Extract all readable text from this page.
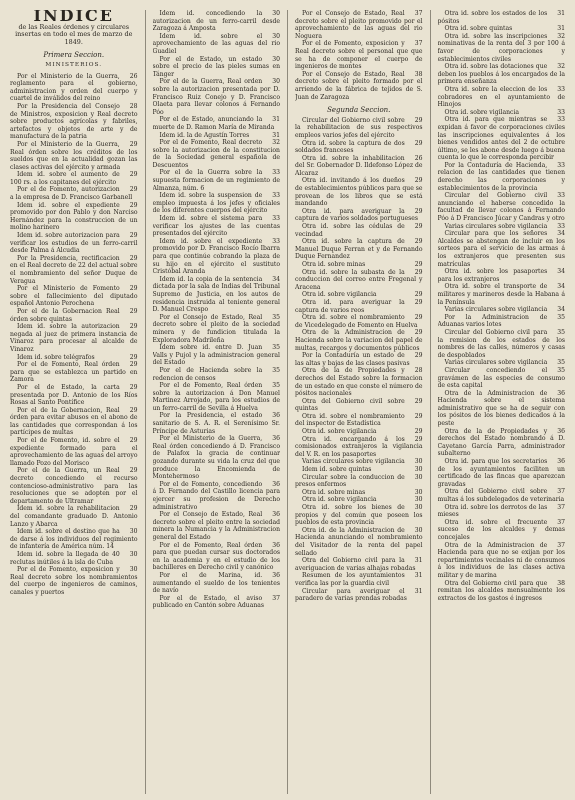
INDICE
de las Reales órdenes y circulares insertas en todo el mes de marzo de 1849.
Primera Seccion.
MINISTERIOS.

26
Por el Ministerio de la Guerra, reglamento para el gobierno, administracion y orden del cuerpo y cuartel de inválidos del reino

28
Por la Presidencia del Consejo de Ministros, exposicion y Real decreto sobre productos agrícolas y fabriles, artefactos y objetos de arte y de manufactura de la patria

29
Por el Ministerio de la Guerra, Real órden sobre los créditos de los sueldos que en la actualidad gozan las clases activas del ejército y armada

29
Idem id. sobre el aumento de 100 rs. a los capitanes del ejército

29
Por el de Fomento, autorizacion a la empresa de D. Francisco Garbanell

29
Idem id. sobre el expediente promovido por don Pablo y don Narciso Hernández para la construccion de un molino harinero

29
Idem id. sobre autorizacion para verificar los estudios de un ferro-carril desde Palma á Alcudia

29
Por la Presidencia, rectificacion en el Real decreto de 22 del actual sobre el nombramiento del señor Duque de Veragua

29
Por el Ministerio de Fomento sobre el fallecimiento del diputado español Antonio Perochena

29
Por el de la Gobernacion Real órden sobre quintas

29
Idem id. sobre la autorizacion negada al juez de primera instancia de Vinaroz para procesar al alcalde de Vinaroz

29
Idem id. sobre telégrafos

29
Por el de Fomento, Real órden para que se establezca un partido en Zamora

29
Por el de Estado, la carta presentada por D. Antonio de los Ríos Rosas al Santo Pontífice

29
Por el de la Gobernacion, Real órden para evitar abusos en el abono de las cantidades que correspondan á los partícipes de multas

29
Por el de Fomento, id. sobre el expediente formado para el aprovechamiento de las aguas del arroyo llamado Pozo del Morisco

29
Por el de la Guerra, un Real decreto concediendo el recurso contencioso-administrativo para las resoluciones que se adopten por el departamento de Ultramar

29
Idem id. sobre la rehabilitacion del comandante graduado D. Antonio Lanzo y Abarca

30
Idem id. sobre el destino que ha de darse á los individuos del regimiento de infantería de América núm. 14

30
Idem id. sobre la llegada de 40 reclutas inútiles á la isla de Cuba

30
Por el de Fomento, exposicion y Real decreto sobre los nombramientos del cuerpo de ingenieros de caminos, canales y puertos

30
Idem id. concediendo la autorizacion de un ferro-carril desde Zaragoza á Amposta

30
Idem id. sobre el aprovechamiento de las aguas del rio Guadiel

30
Por el de Estado, un estado sobre el precio de las pieles sumas en Tánger

30
Por el de la Guerra, Real orden sobre la autorizacion presentada por D. Francisco Ruiz Conejo y D. Francisco Olaeta para llevar colonos á Fernando Póo

31
Por el de Estado, anunciando la muerte de D. Ramon María de Miranda

31
Idem id. la de Agustín Torres

32
Por el de Fomento, Real decreto sobre la autorizacion de la constitucion de la Sociedad general española de Descuentos

33
Por el de la Guerra sobre la supuesta formacion de un regimiento de Almanza, núm. 6

33
Idem id. sobre la suspension de empleo impuesta á los jefes y oficiales de los diferentes cuerpos del ejército

33
Idem id. sobre el sistema para verificar los ajustes de las cuentas presentados del ejército

33
Idem id. sobre el expediente promovido por D. Francisco Rocío Ibarra para que continúe cobrando la plaza de su hijo en el ejército el sustituto Cristóbal Aranda

34
Idem id. la copia de la sentencia dictada por la sala de Indias del Tribunal Supremo de Justicia, en los autos de residencia instruida al teniente general D. Manuel Crespo

35
Por el Consejo de Estado, Real decreto sobre el pleito de la sociedad minera y de fundicion titulada la Exploradora Madrileña

35
Idem sobre id. entre D. Juan Valls y Pujol y la administracion general del Estado

35
Por el de Hacienda sobre la redencion de censos

35
Por el de Fomento, Real órden sobre la autorizacion á Don Manuel Martinez Arrojado, para los estudios de un ferro-carril de Sevilla á Huelva

36
Por la Presidencia, el estado sanitario de S. A. R. el Serenísimo Sr. Príncipe de Asturias

36
Por el Ministerio de la Guerra, Real órden concediendo á D. Francisco de Palafox la gracia de continuar gozando durante su vida la cruz del que produce la Encomienda de Montehermoso

36
Por el de Fomento, concediendo á D. Fernando del Castillo licencia para ejercer su profesion de Derecho administrativo

36
Por el Consejo de Estado, Real decreto sobre el pleito entre la sociedad minera la Numancia y la Administracion general del Estado

36
Por el de Fomento, Real órden para que puedan cursar sus doctorados en la academia y en el estudio de los bachilleres en Derecho civil y canónico

36
Por el de Marina, id. aumentando el sueldo de los tenientes de navío

37
Por el de Estado, el aviso publicado en Cantón sobre Aduanas

37
Por el Consejo de Estado, Real decreto sobre el pleito promovido por el aprovechamiento de las aguas del rio Noguera

37
Por el de Fomento, exposicion y Real decreto sobre el personal que que se ha de componer el cuerpo de ingenieros de montes

38
Por el Consejo de Estado, Real decreto sobre el pleito formado por el arriendo de la fábrica de tejidos de S. Juan de Zaragoza

Segunda Seccion.

29
Circular del Gobierno civil sobre la rehabilitacion de sus respectivos empleos varios jefes del ejército

29
Otra id. sobre la captura de dos soldados franceses

26
Otra id. sobre la inhabilitacion del Sr. Gobernador D. Ildefonso López de Alcaraz

29
Otra id. invitando á los dueños de establecimientos públicos para que se provean de los libros que se está mandando

29
Otra id. para averiguar la captura de varios soldados portugueses

29
Otra id. sobre las cédulas de vecindad

29
Otra id. sobre la captura de Manuel Duque Ferran et y de Fernando Duque Fernandez

29
Otra id. sobre minas

29
Otra id. sobre la subasta de la conduccion del correo entre Fregenal y Aracena

29
Otra id. sobre vigilancia

29
Otra id. para averiguar la captura de varios reos

29
Otra id. sobre el nombramiento de Vicedelegado de Fomento en Huelva

29
Otra de la Administracion de Hacienda sobre la variacion del papel de multas, recargos y documentos públicos

29
Por la Contaduría un estado de las altas y bajas de las clases pasivas

28
Otra de la de Propiedades y derechos del Estado sobre la formacion de un estado en que conste el número de pósitos nacionales

29
Otra del Gobierno civil sobre quintas

29
Otra id. sobre el nombramiento del inspector de Estadística

29
Otra id. sobre vigilancia

29
Otra id. encargando á los comisionados extranjeros la vigilancia del V. R. en los pasaportes

30
Varias circulares sobre vigilancia

30
Idem id. sobre quintas

30
Circular sobre la conduccion de presos enfermos

30
Otra id. sobre minas

30
Otra id. sobre vigilancia

30
Otra id. sobre los bienes de propios y del común que poseen los pueblos de esta provincia

30
Otra id. de la Administracion de Hacienda anunciando el nombramiento del Visitador de la renta del papel sellado

31
Otra del Gobierno civil para la averiguacion de varias alhajas robadas

31
Resumen de los ayuntamientos verifica las por la guardia civil

31
Circular para averiguar el paradero de varias prendas robadas

31
Otra id. sobre los estados de los pósitos

31
Otra id. sobre quintas

32
Otra id. sobre las inscripciones nominativas de la renta del 3 por 100 á favor de corporaciones y establecimientos civiles

32
Otra id. sobre las dotaciones que deben los pueblos á los encargados de la primera enseñanza

33
Otra id. sobre la eleccion de los cobradores en el ayuntamiento de Hinojos

33
Otra id. sobre vigilancia

33
Otra id. para que mientras se expidan á favor de corporaciones civiles las inscripciones equivalentes á los bienes vendidos antes del 2 de octubre último, se les abone desde luego á buena cuenta lo que le corresponda percibir

33
Por la Contaduría de Hacienda, relacion de las cantidades que tienen derecho las corporaciones y establecimientos de la provincia

33
Circular del Gobierno civil anunciando el haberse concedido la facultad de llevar colonos á Fernando Póo á D Francisco Júcar y Candras y otro

33
Varias circulares sobre vigilancia

34
Circular para que los señores Alcaldes se abstengan de incluir en los sorteos para el servicio de las armas á los extranjeros que presenten sus matrículas

34
Otra id. sobre los pasaportes para los extranjeros

34
Otra id. sobre el transporte de militares y marineros desde la Habana á la Península

34
Varias circulares sobre vigilancia

35
Por la Administracion de Aduanas varios lotes

35
Circular del Gobierno civil para la remision de los estados de los nombres de las calles, números y casas de despoblados

35
Varias circulares sobre vigilancia

35
Circular concediendo el gravámen de las especies de consumo de esta capital

36
Otra de la Administracion de Hacienda sobre el sistema administrativo que se ha de seguir con los pósitos de los bienes dedicados á la peste

36
Otra de la de Propiedades y derechos del Estado nombrando á D. Cayetano García Parra, administrador subalterno

36
Otra id. para que los secretarios de los ayuntamientos faciliten un certificado de las fincas que aparezcan gravadas

37
Otra del Gobierno civil sobre multas á los subdelegados de veterinaria

37
Otra id. sobre los derrotos de las mieses

37
Otra id. sobre el frecuente suceso de los alcaldes y demas concejales

37
Otra de la Administracion de Hacienda para que no se exijan por los repartimientos vecinales ni de consumos á los individuos de las clases activa militar y de marina

38
Otra del Gobierno civil para que remitan los alcaldes mensualmente los extractos de los gastos é ingresos
